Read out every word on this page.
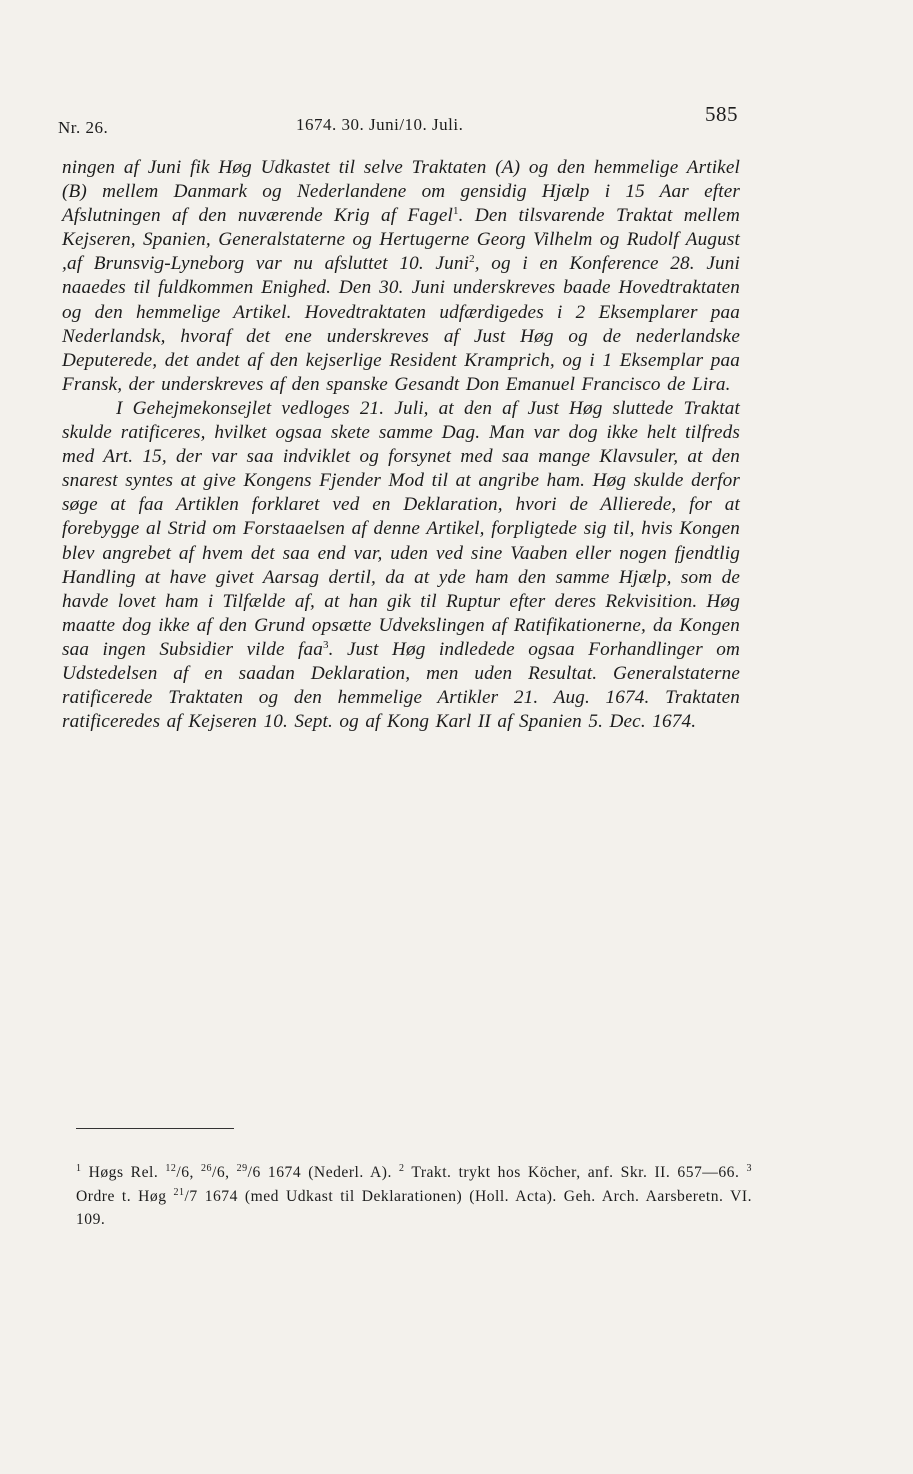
Nr. 26.	1674. 30. Juni/10. Juli.	585

ningen af Juni fik Høg Udkastet til selve Traktaten (A) og den hemmelige Artikel (B) mellem Danmark og Nederlandene om gensidig Hjælp i 15 Aar efter Afslutningen af den nuværende Krig af Fagel$^1$. Den tilsvarende Traktat mellem Kejseren, Spanien, Generalstaterne og Hertugerne Georg Vilhelm og Rudolf August ,af Brunsvig-Lyneborg var nu afsluttet 10. Juni$^2$, og i en Konference 28. Juni naaedes til fuldkommen Enighed. Den 30. Juni underskreves baade Hovedtraktaten og den hemmelige Artikel. Hovedtraktaten udfærdigedes i 2 Eksemplarer paa Nederlandsk, hvoraf det ene underskreves af Just Høg og de nederlandske Deputerede, det andet af den kejserlige Resident Kramprich, og i 1 Eksemplar paa Fransk, der underskreves af den spanske Gesandt Don Emanuel Francisco de Lira.

I Gehejmekonsejlet vedloges 21. Juli, at den af Just Høg sluttede Traktat skulde ratificeres, hvilket ogsaa skete samme Dag. Man var dog ikke helt tilfreds med Art. 15, der var saa indviklet og forsynet med saa mange Klavsuler, at den snarest syntes at give Kongens Fjender Mod til at angribe ham. Høg skulde derfor søge at faa Artiklen forklaret ved en Deklaration, hvori de Allierede, for at forebygge al Strid om Forstaaelsen af denne Artikel, forpligtede sig til, hvis Kongen blev angrebet af hvem det saa end var, uden ved sine Vaaben eller nogen fjendtlig Handling at have givet Aarsag dertil, da at yde ham den samme Hjælp, som de havde lovet ham i Tilfælde af, at han gik til Ruptur efter deres Rekvisition. Høg maatte dog ikke af den Grund opsætte Udvekslingen af Ratifikationerne, da Kongen saa ingen Subsidier vilde faa$^3$. Just Høg indledede ogsaa Forhandlinger om Udstedelsen af en saadan Deklaration, men uden Resultat. Generalstaterne ratificerede Traktaten og den hemmelige Artikler 21. Aug. 1674. Traktaten ratificeredes af Kejseren 10. Sept. og af Kong Karl II af Spanien 5. Dec. 1674.

$^1$ Høgs Rel. $^{12}$/6, $^{26}$/6, $^{29}$/6 1674 (Nederl. A). $^2$ Trakt. trykt hos Köcher, anf. Skr. II. 657—66. $^3$ Ordre t. Høg $^{21}$/7 1674 (med Udkast til Deklarationen) (Holl. Acta). Geh. Arch. Aarsberetn. VI. 109.
